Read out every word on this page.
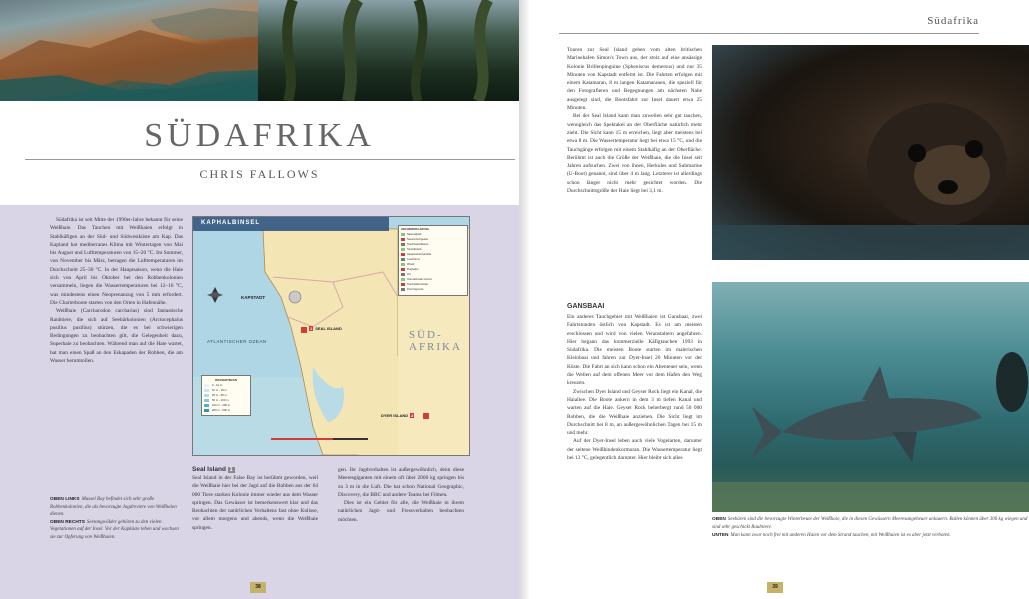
SÜDAFRIKA
CHRIS FALLOWS

Südafrika ist seit Mitte der 1990er-Jahre bekannt für seine Weißhaie. Das Tauchen mit Weißhaien erfolgt in Stahlkäfigen an der Süd- und Südwestküste am Kap. Das Kapland hat mediterranes Klima mit Wintertagen von Mai bis August und Lufttemperaturen von 15–20 °C. Im Sommer, von November bis März, betragen die Lufttemperaturen im Durchschnitt 25–30 °C. In der Hauptsaison, wenn die Haie sich von April bis Oktober bei den Robbenkolonien versammeln, liegen die Wassertemperaturen bei 12–16 °C, was mindestens einen Neoprenanzug von 5 mm erfordert. Die Charterboote starten von den Orten in Hafennähe.

Weißhaie (Carcharodon carcharias) sind fantastische Raubtiere, die sich auf Seebärkolonien (Arctocephalus pusillus pusillus) stürzen, die es bei schwierigen Bedingungen zu beobachten gilt, die Gelegenheit dazu, Superhaie zu beobachten. Während man auf die Haie wartet, hat man einen Spaß an den Eskapaden der Robben, die am Wasser herumtollen.

OBEN LINKS Mussel Bay befindet sich sehr große Robbenkolonien, die als bevorzugte Jagdreviere von Weißhaien dienen.
OBEN RECHTS Seetangwälder gehören zu den vielen Vegetationen auf der Insel. Vor der Kapküste leben und wachsen sie zur Opferung von Weißhaien.
KAPHALBINSEL
KAPSTADT
ATLANTISCHER OZEAN
1 SEAL ISLAND
DYER ISLAND 2
SÜD-
AFRIKA
ZEICHENERKLÄRUNG
Nationalpark
Naturschutzgebiet
Tauchbasis/Resort
Strandhotels
Hauptverkehrsstraße
Leuchtturm
Wrack
Flughafen
Ort
Internationale Grenze
Tauchplätze/Anker
Provinzgrenze
WASSERTIEFEN
0 - 10 m
10 m - 20 m
20 m - 50 m
50 m - 100 m
100 m - 200 m
200 m - 500 m
Seal Island 1

Seal Island in der False Bay ist berühmt geworden, weil die Weißhaie hier bei der Jagd auf die Robben aus der 64 000 Tiere starken Kolonie immer wieder aus dem Wasser springen. Das Gewässer ist bemerkenswert klar und das Beobachten der natürlichen Verhaltens fast ohne Kulisse, vor allem morgens und abends, wenn die Weißhaie springen.

gen. Ihr Jagdverhalten ist außergewöhnlich, denn diese Meeresgiganten mit einem oft über 2000 kg springen bis zu 3 m in die Luft. Die hat schon National Geographic, Discovery, die BBC und andere Teams bei Filmen.

Dies ist ein Gebiet für alle, die Weißhaie in ihrem natürlichen Jagd- und Fressverhalten beobachten möchten.

38
Südafrika

Touren zur Seal Island gehen vom alten britischen Marinehafen Simon's Town aus, der stolz auf eine ansässige Kolonie Brillenpinguine (Spheniscus demersus) und nur 35 Minuten von Kapstadt entfernt ist. Die Fahrten erfolgen mit einem Katamaran, 8 m langen Katamaranen, die speziell für den Fotografieren und Begegnungen am nächsten Nahe ausgelegt sind, die Bootsfahrt zur Insel dauert etwa 25 Minuten.

Bei der Seal Island kann man zuweilen sehr gut tauchen, wenngleich das Spektakel an der Oberfläche natürlich mehr zieht. Die Sicht kann 15 m erreichen, liegt aber meistens bei etwa 8 m. Die Wassertemperatur liegt bei etwa 15 °C, und die Tauchgänge erfolgen mit einem Stahlkäfig an der Oberfläche. Berühmt ist auch die Größe der Weißhaie, die die Insel seit Jahren aufsuchen. Zwei von ihnen, Herkules und Submarine (U-Boot) genannt, sind über 4 m lang. Letzterer ist allerdings schon länger nicht mehr gesichtet worden. Die Durchschnittsgröße der Haie liegt bei 3,1 m.

GANSBAAI

Ein anderes Tauchgebiet mit Weißhaien ist Gansbaai, zwei Fahrtstunden östlich von Kapstadt. Es ist am meisten erschlossen und wird von vielen Veranstaltern angefahren. Hier begann das kommerzielle Käfigtauchen 1993 in Südafrika. Die meisten Boote starten im malerischen Kleinbaai und fahren zur Dyer-Insel 20 Minuten vor der Küste. Die Fahrt an sich kann schon ein Abenteuer sein, wenn die Wellen auf dem offenen Meer vor dem Hafen den Weg kreuzen.

Zwischen Dyer Island und Geyser Rock liegt ein Kanal, die Haiallee. Die Boote ankern in dem 3 m tiefen Kanal und warten auf die Haie. Geyser Rock beherbergt rund 50 000 Robben, die die Weißhaie anziehen. Die Sicht liegt im Durchschnitt bei 8 m, an außergewöhnlichen Tagen bei 15 m und mehr.

Auf der Dyer-Insel leben auch viele Vogelarten, darunter der seltene Weißbindenkormoran. Die Wassertemperatur liegt bei 13 °C, gelegentlich darunter. Hier bleibt sich alles

OBEN Seebären sind die bevorzugte Winterbeute der Weißhaie, die in diesen Gewässern Meeresungeheuer anlauern. Bullen können über 300 kg wiegen und sind sehr geschickt Raubtiere.
UNTEN Man kann zwar noch frei mit anderen Haien vor dem Strand tauchen, mit Weißhaien ist es aber jetzt verboten.
39
